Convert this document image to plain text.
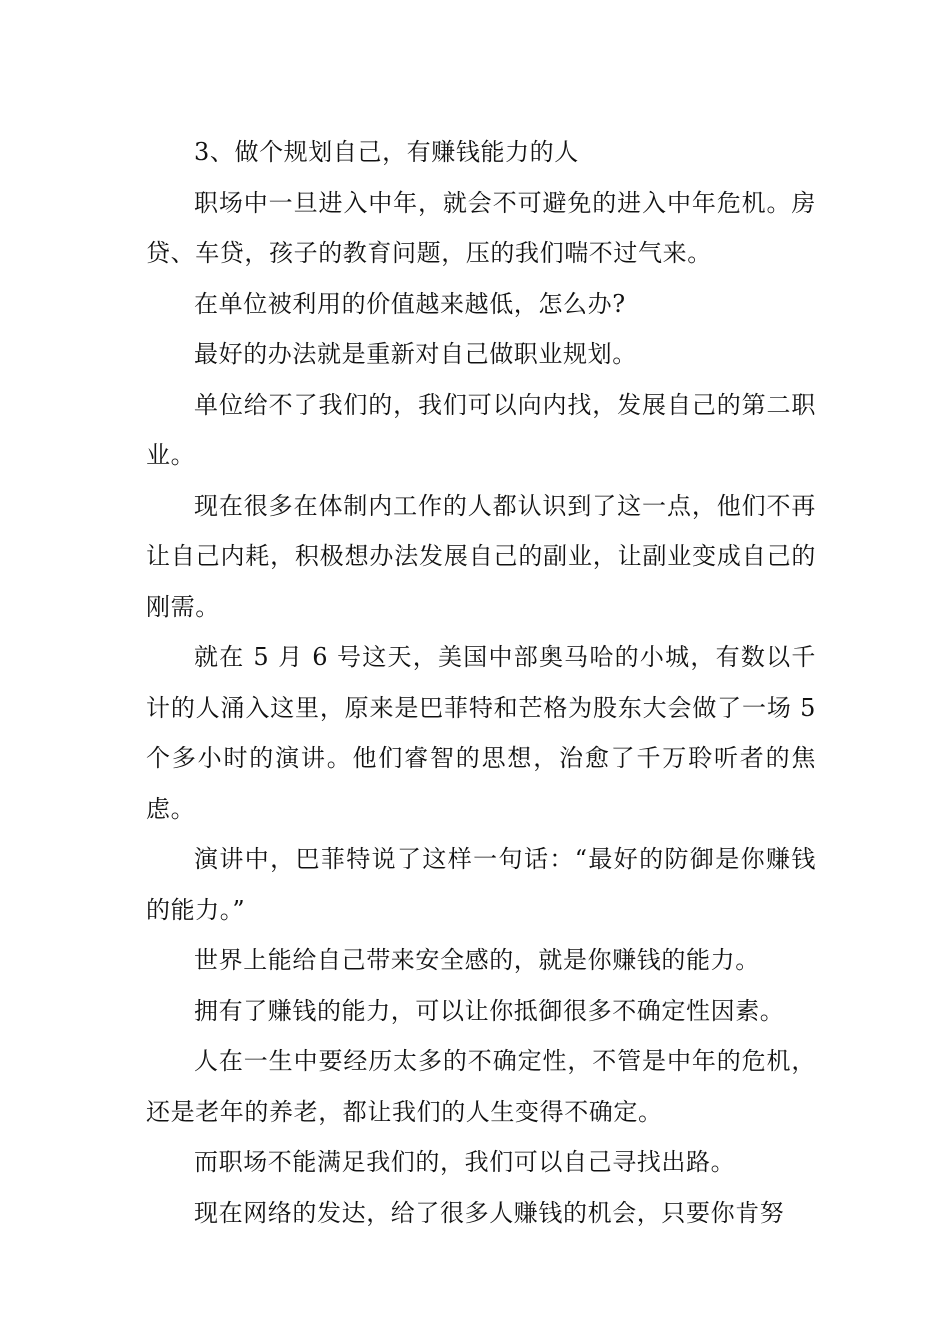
3、做个规划自己，有赚钱能力的人

职场中一旦进入中年，就会不可避免的进入中年危机。房贷、车贷，孩子的教育问题，压的我们喘不过气来。

在单位被利用的价值越来越低，怎么办?

最好的办法就是重新对自己做职业规划。

单位给不了我们的，我们可以向内找，发展自己的第二职业。

现在很多在体制内工作的人都认识到了这一点，他们不再让自己内耗，积极想办法发展自己的副业，让副业变成自己的刚需。

就在 5 月 6 号这天，美国中部奥马哈的小城，有数以千计的人涌入这里，原来是巴菲特和芒格为股东大会做了一场 5 个多小时的演讲。他们睿智的思想，治愈了千万聆听者的焦虑。

演讲中，巴菲特说了这样一句话：“最好的防御是你赚钱的能力。”

世界上能给自己带来安全感的，就是你赚钱的能力。

拥有了赚钱的能力，可以让你抵御很多不确定性因素。

人在一生中要经历太多的不确定性，不管是中年的危机，还是老年的养老，都让我们的人生变得不确定。

而职场不能满足我们的，我们可以自己寻找出路。

现在网络的发达，给了很多人赚钱的机会，只要你肯努
